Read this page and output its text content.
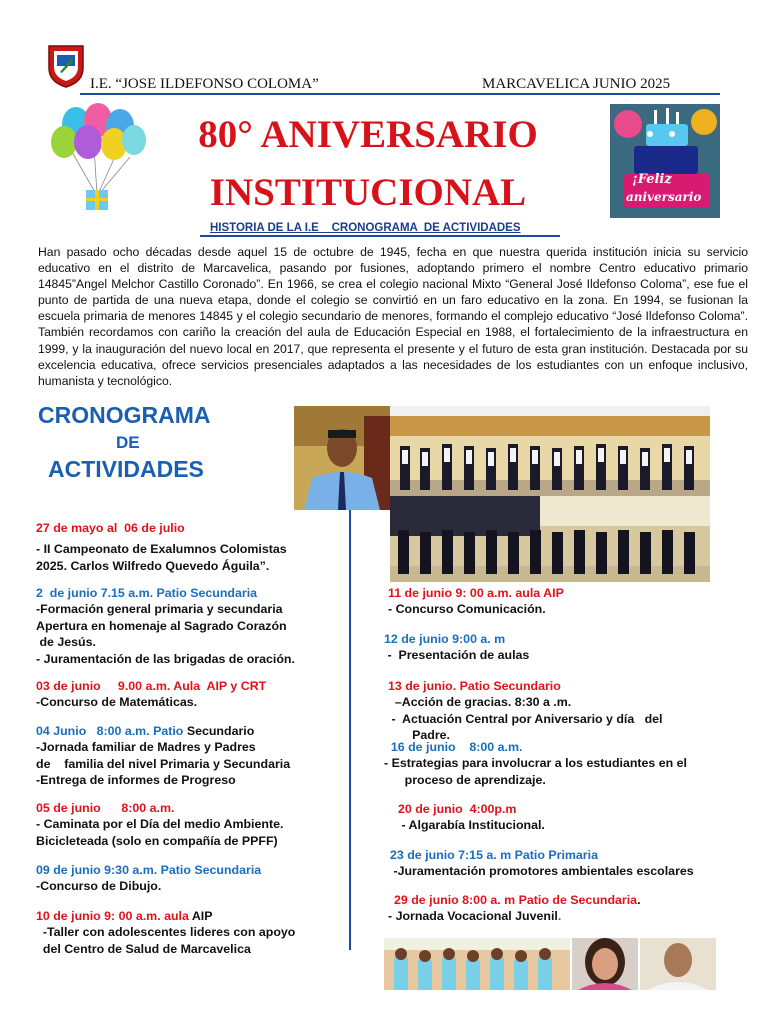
I.E. “JOSE ILDEFONSO COLOMA”	MARCAVELICA JUNIO 2025
80° ANIVERSARIO
INSTITUCIONAL	¡Feliz
aniversario
HISTORIA DE LA I.E    CRONOGRAMA  DE ACTIVIDADES
Han pasado ocho décadas desde aquel 15 de octubre de 1945, fecha en que nuestra querida institución inicia su servicio educativo en el distrito de Marcavelica, pasando por fusiones, adoptando primero el nombre Centro educativo primario 14845”Angel Melchor Castillo Coronado”. En 1966, se crea el colegio nacional Mixto “General José Ildefonso Coloma”, ese fue el punto de partida de una nueva etapa, donde el colegio se convirtió en un faro educativo en la zona. En 1994, se fusionan la escuela primaria de menores 14845 y el colegio secundario de menores, formando el complejo educativo “José Ildefonso Coloma”. También recordamos con cariño la creación del aula de Educación Especial en 1988, el fortalecimiento de la infraestructura en 1999, y la inauguración del nuevo local en 2017, que representa el presente y el futuro de esta gran institución. Destacada por su excelencia educativa, ofrece servicios presenciales adaptados a las necesidades de los estudiantes con un enfoque inclusivo, humanista y tecnológico.
CRONOGRAMA
DE
ACTIVIDADES
27 de mayo al  06 de julio
- II Campeonato de Exalumnos Colomistas
2025. Carlos Wilfredo Quevedo Águila”.
2  de junio 7.15 a.m. Patio Secundaria
-Formación general primaria y secundaria
Apertura en homenaje al Sagrado Corazón
de Jesús.
- Juramentación de las brigadas de oración.
03 de junio     9.00 a.m. Aula  AIP y CRT
-Concurso de Matemáticas.
04 Junio   8:00 a.m. Patio Secundario
-Jornada familiar de Madres y Padres
de    familia del nivel Primaria y Secundaria
-Entrega de informes de Progreso
05 de junio      8:00 a.m.
- Caminata por el Día del medio Ambiente.
Bicicleteada (solo en compañía de PPFF)
09 de junio 9:30 a.m. Patio Secundaria
-Concurso de Dibujo.
10 de junio 9: 00 a.m. aula AIP
-Taller con adolescentes lideres con apoyo
del Centro de Salud de Marcavelica
11 de junio 9: 00 a.m. aula AIP
- Concurso Comunicación.
12 de junio 9:00 a. m
-  Presentación de aulas
13 de junio. Patio Secundario
–Acción de gracias. 8:30 a .m.
-  Actuación Central por Aniversario y día   del
Padre.
16 de junio    8:00 a.m.
- Estrategias para involucrar a los estudiantes en el
proceso de aprendizaje.
20 de junio  4:00p.m
- Algarabía Institucional.
23 de junio 7:15 a. m Patio Primaria
-Juramentación promotores ambientales escolares
29 de junio 8:00 a. m Patio de Secundaria.
- Jornada Vocacional Juvenil.
